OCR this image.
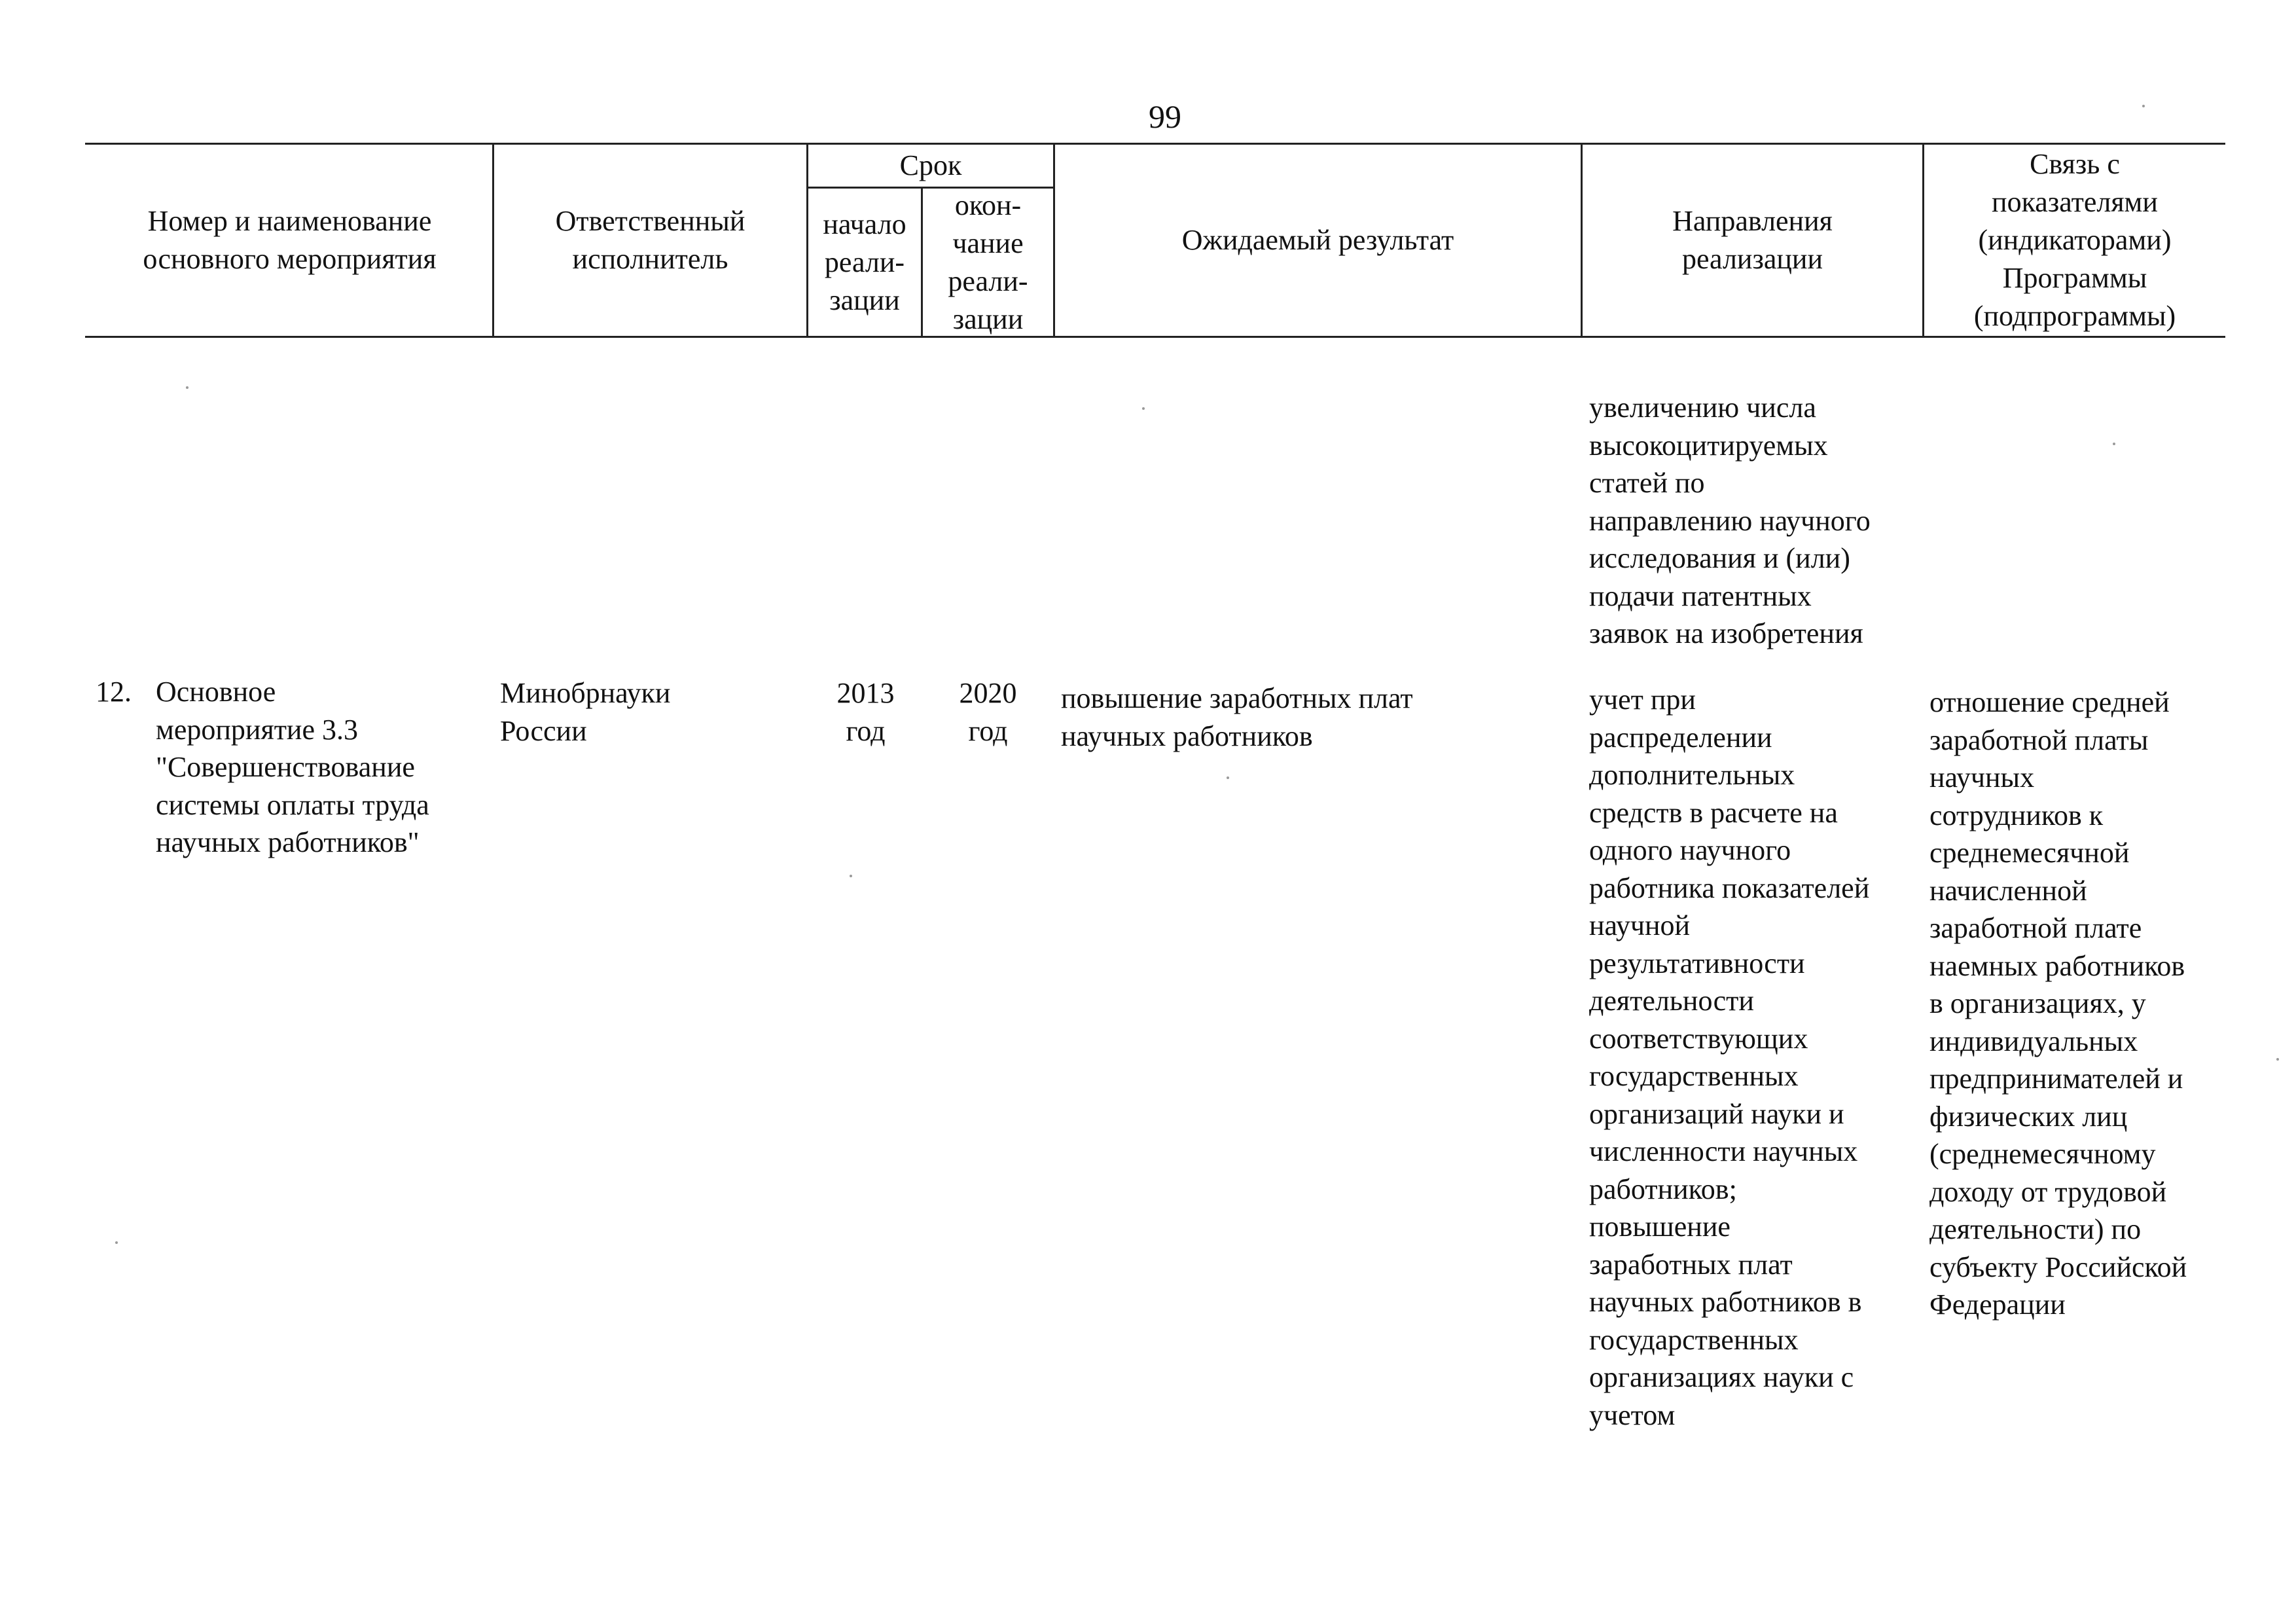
99
Номер и наименование
основного мероприятия
Ответственный
исполнитель
Срок
начало
реали-
зации
окон-
чание
реали-
зации
Ожидаемый результат
Направления
реализации
Связь с
показателями
(индикаторами)
Программы
(подпрограммы)
увеличению числа
высокоцитируемых
статей по
направлению научного
исследования и (или)
подачи патентных
заявок на изобретения
12. Основное
мероприятие 3.3
"Совершенствование
системы оплаты труда
научных работников"
Минобрнауки
России
2013
год
2020
год
повышение заработных плат
научных работников
учет при
распределении
дополнительных
средств в расчете на
одного научного
работника показателей
научной
результативности
деятельности
соответствующих
государственных
организаций науки и
численности научных
работников;
повышение
заработных плат
научных работников в
государственных
организациях науки с
учетом
отношение средней
заработной платы
научных
сотрудников к
среднемесячной
начисленной
заработной плате
наемных работников
в организациях, у
индивидуальных
предпринимателей и
физических лиц
(среднемесячному
доходу от трудовой
деятельности) по
субъекту Российской
Федерации
